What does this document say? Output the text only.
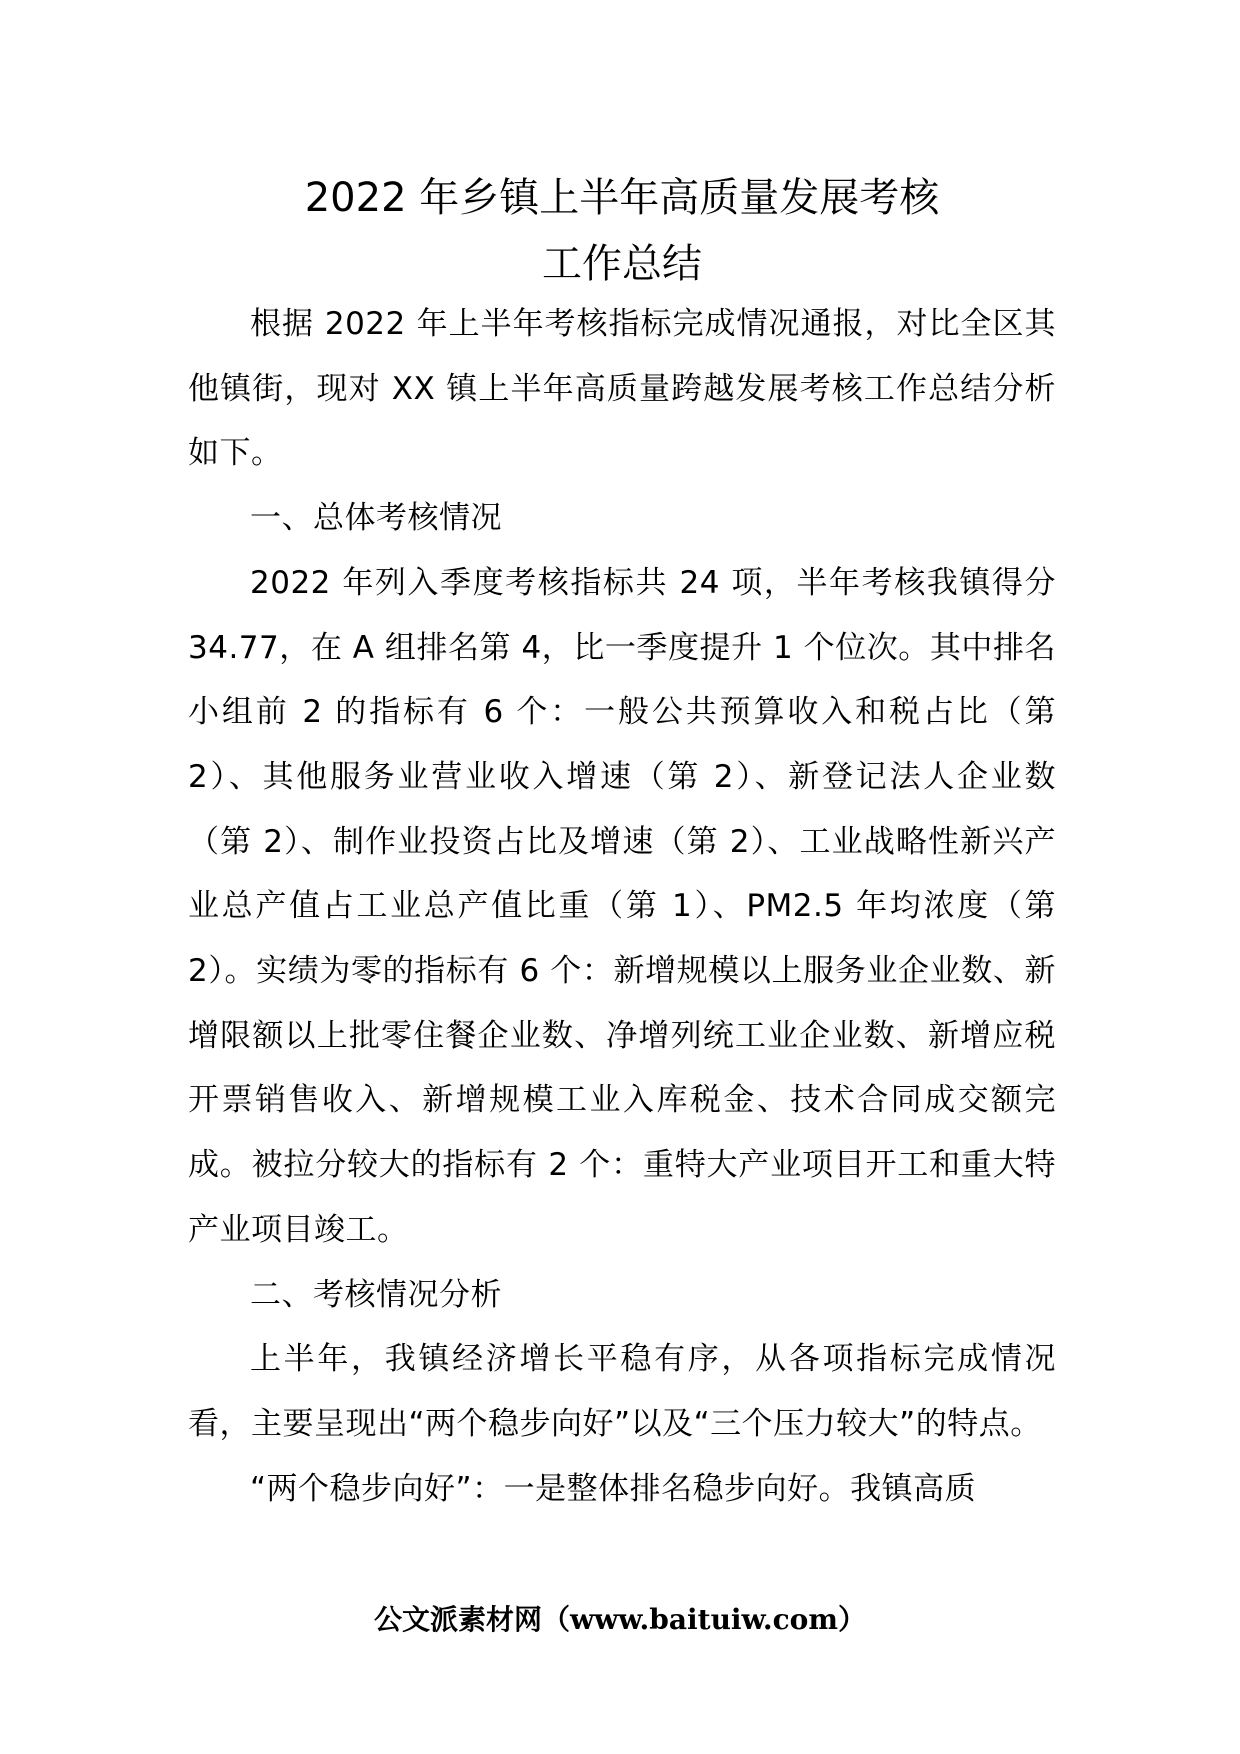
2022 年乡镇上半年高质量发展考核
工作总结

根据 2022 年上半年考核指标完成情况通报，对比全区其他镇街，现对 XX 镇上半年高质量跨越发展考核工作总结分析如下。

一、总体考核情况

2022 年列入季度考核指标共 24 项，半年考核我镇得分 34.77，在 A 组排名第 4，比一季度提升 1 个位次。其中排名小组前 2 的指标有 6 个：一般公共预算收入和税占比（第 2）、其他服务业营业收入增速（第 2）、新登记法人企业数（第 2）、制作业投资占比及增速（第 2）、工业战略性新兴产业总产值占工业总产值比重（第 1）、PM2.5 年均浓度（第 2）。实绩为零的指标有 6 个：新增规模以上服务业企业数、新增限额以上批零住餐企业数、净增列统工业企业数、新增应税开票销售收入、新增规模工业入库税金、技术合同成交额完成。被拉分较大的指标有 2 个：重特大产业项目开工和重大特产业项目竣工。

二、考核情况分析

上半年，我镇经济增长平稳有序，从各项指标完成情况看，主要呈现出“两个稳步向好”以及“三个压力较大”的特点。

“两个稳步向好”：一是整体排名稳步向好。我镇高质

公文派素材网（www.baituiw.com）
